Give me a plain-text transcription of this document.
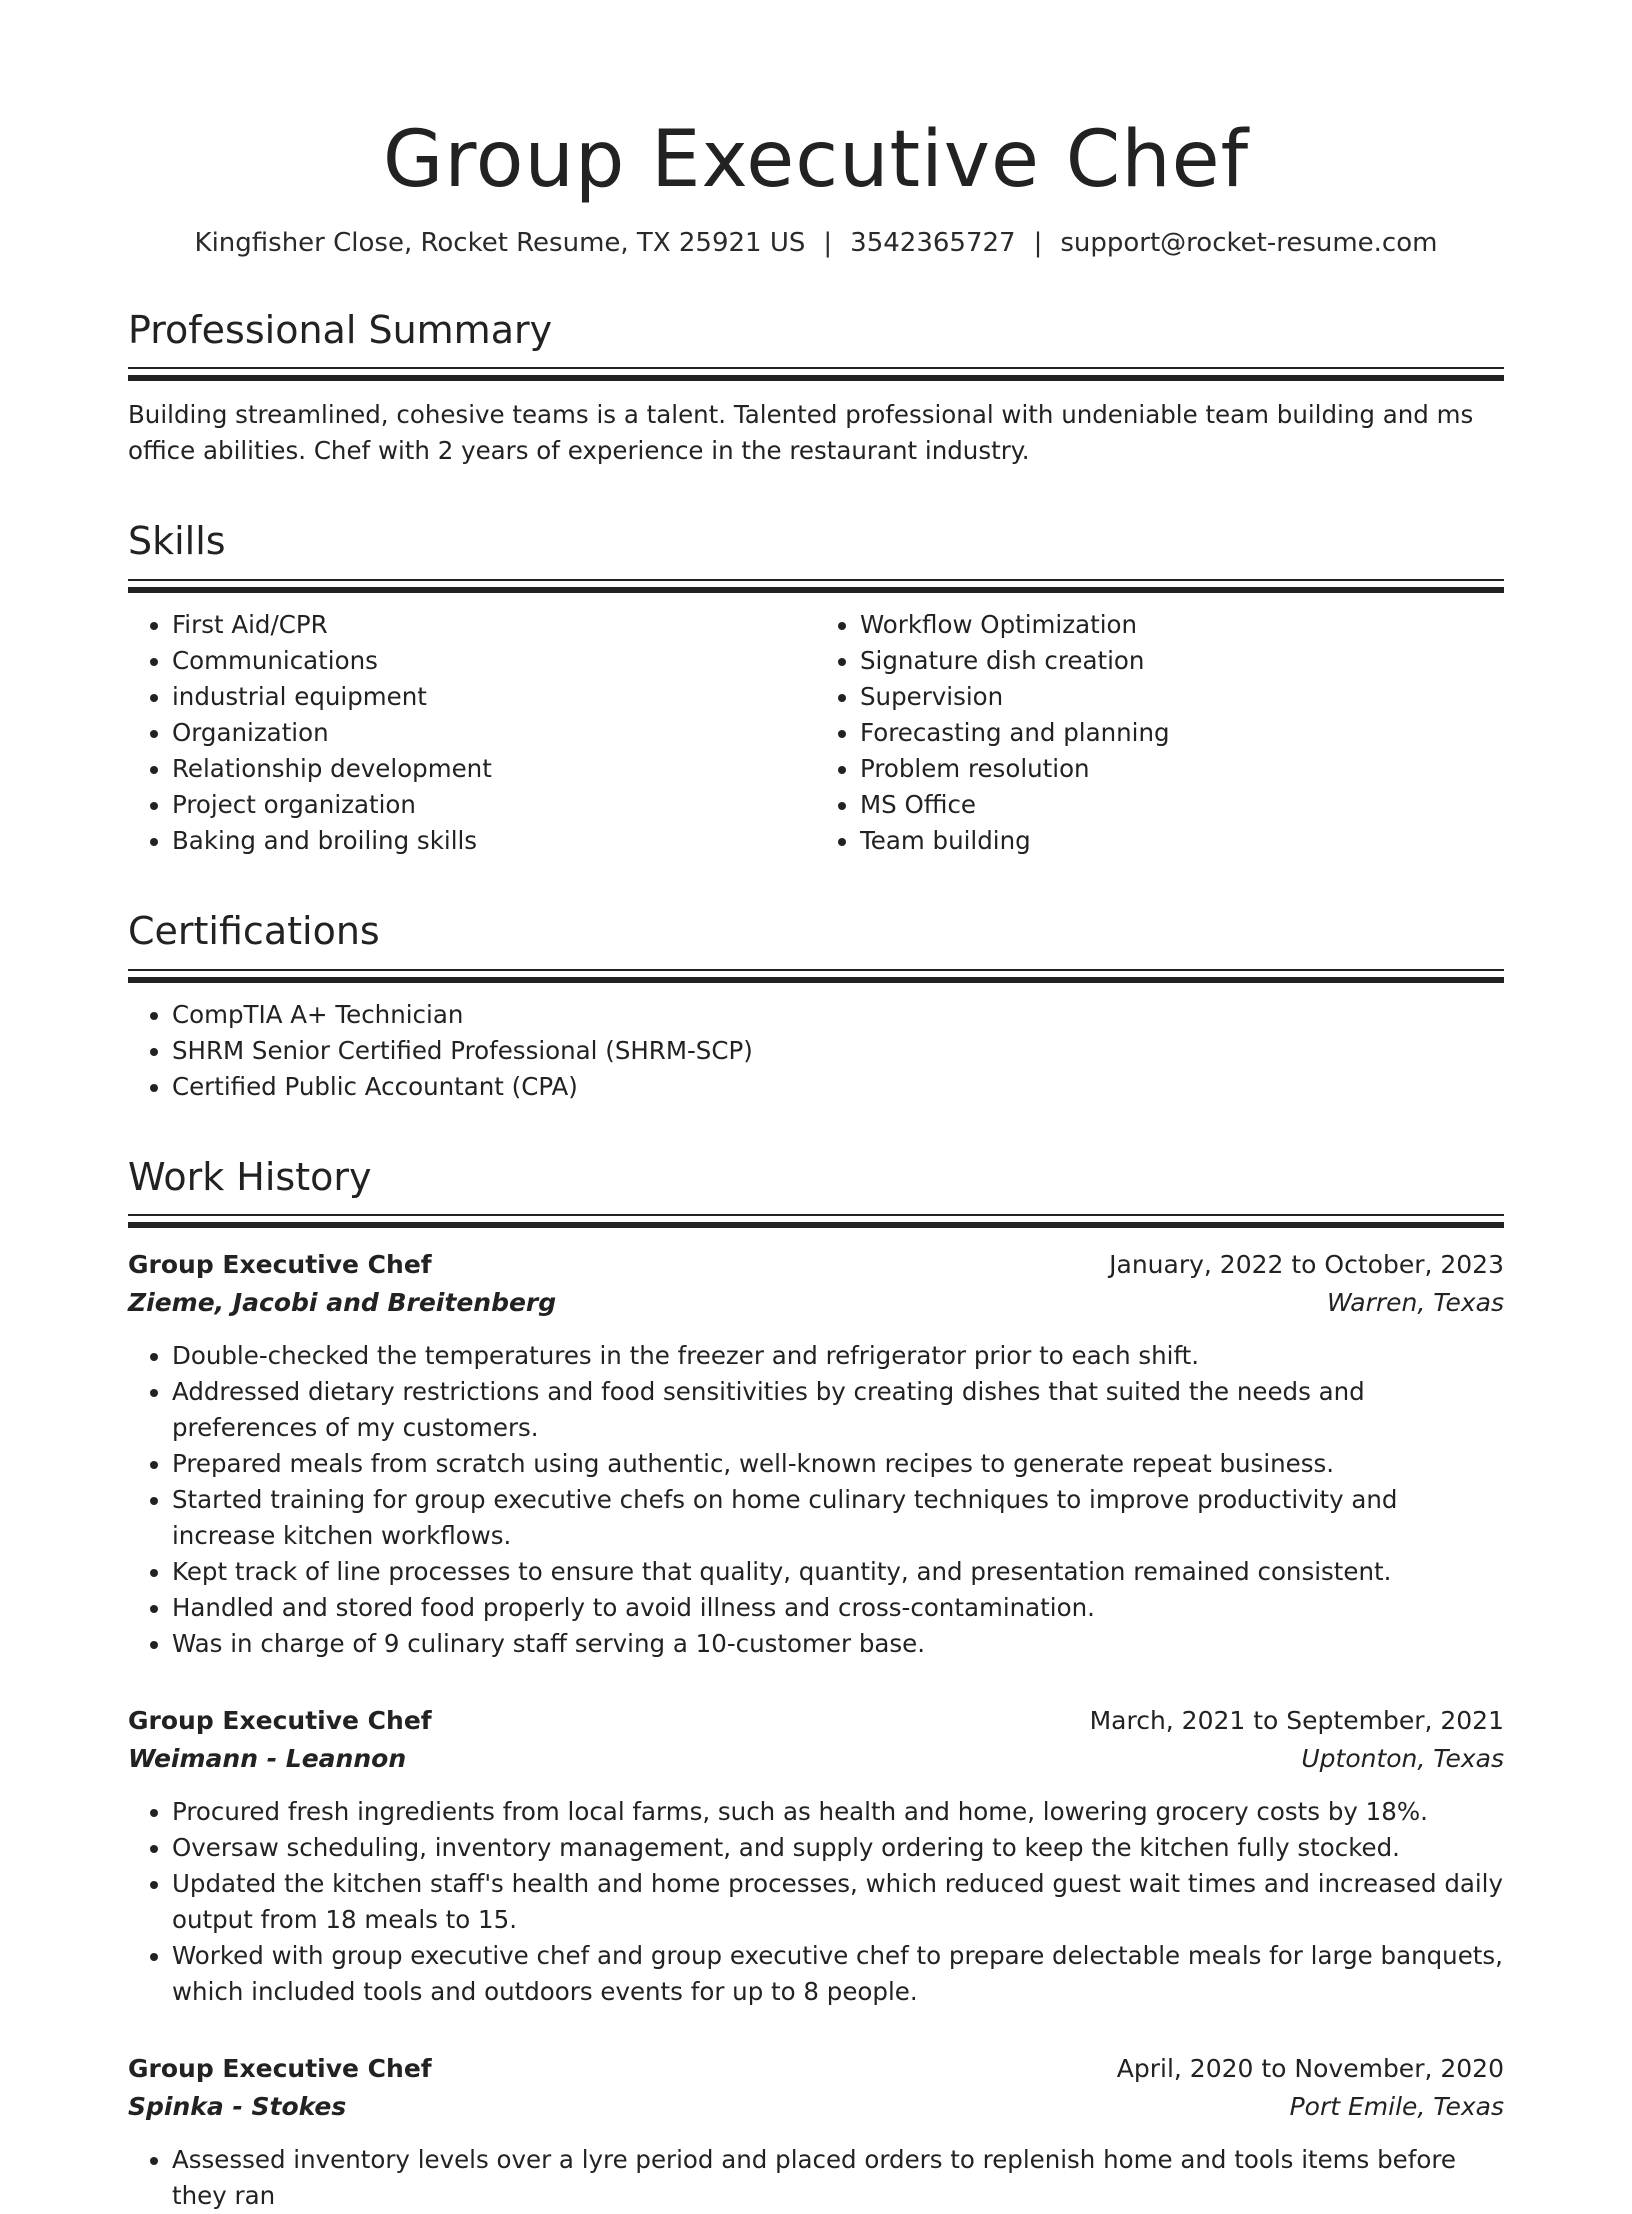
Group Executive Chef
Kingfisher Close, Rocket Resume, TX 25921 US | 3542365727 | support@rocket-resume.com
Professional Summary
Building streamlined, cohesive teams is a talent. Talented professional with undeniable team building and ms office abilities. Chef with 2 years of experience in the restaurant industry.
Skills
• First Aid/CPR
• Communications
• industrial equipment
• Organization
• Relationship development
• Project organization
• Baking and broiling skills
• Workflow Optimization
• Signature dish creation
• Supervision
• Forecasting and planning
• Problem resolution
• MS Office
• Team building
Certifications
• CompTIA A+ Technician
• SHRM Senior Certified Professional (SHRM-SCP)
• Certified Public Accountant (CPA)
Work History
Group Executive Chef	January, 2022 to October, 2023
Zieme, Jacobi and Breitenberg	Warren, Texas
• Double-checked the temperatures in the freezer and refrigerator prior to each shift.
• Addressed dietary restrictions and food sensitivities by creating dishes that suited the needs and preferences of my customers.
• Prepared meals from scratch using authentic, well-known recipes to generate repeat business.
• Started training for group executive chefs on home culinary techniques to improve productivity and increase kitchen workflows.
• Kept track of line processes to ensure that quality, quantity, and presentation remained consistent.
• Handled and stored food properly to avoid illness and cross-contamination.
• Was in charge of 9 culinary staff serving a 10-customer base.
Group Executive Chef	March, 2021 to September, 2021
Weimann - Leannon	Uptonton, Texas
• Procured fresh ingredients from local farms, such as health and home, lowering grocery costs by 18%.
• Oversaw scheduling, inventory management, and supply ordering to keep the kitchen fully stocked.
• Updated the kitchen staff's health and home processes, which reduced guest wait times and increased daily output from 18 meals to 15.
• Worked with group executive chef and group executive chef to prepare delectable meals for large banquets, which included tools and outdoors events for up to 8 people.
Group Executive Chef	April, 2020 to November, 2020
Spinka - Stokes	Port Emile, Texas
• Assessed inventory levels over a lyre period and placed orders to replenish home and tools items before they ran
